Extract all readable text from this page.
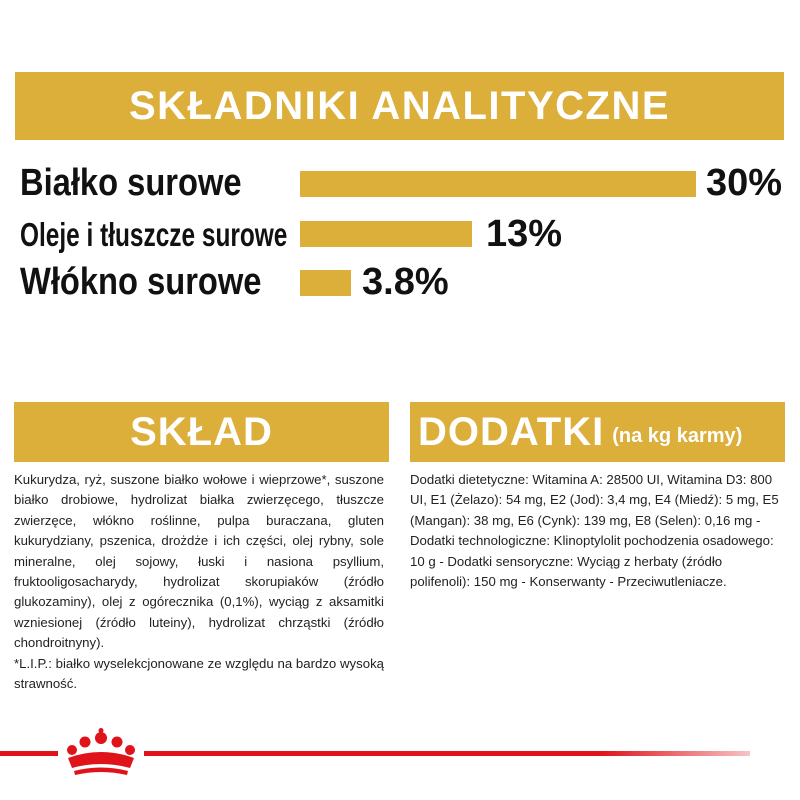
SKŁADNIKI ANALITYCZNE
Białko surowe	30%
Oleje i tłuszcze surowe	13%
Włókno surowe	3.8%
SKŁAD
Kukurydza, ryż, suszone białko wołowe i wieprzowe*, suszone białko drobiowe, hydrolizat białka zwierzęcego, tłuszcze zwierzęce, włókno roślinne, pulpa buraczana, gluten kukurydziany, pszenica, drożdże i ich części, olej rybny, sole mineralne, olej sojowy, łuski i nasiona psyllium, fruktooligosacharydy, hydrolizat skorupiaków (źródło glukozaminy), olej z ogórecznika (0,1%), wyciąg z aksamitki wzniesionej (źródło luteiny), hydrolizat chrząstki (źródło chondroitnyny).
*L.I.P.: białko wyselekcjonowane ze względu na bardzo wysoką strawność.
DODATKI (na kg karmy)
Dodatki dietetyczne: Witamina A: 28500 UI, Witamina D3: 800 UI, E1 (Żelazo): 54 mg, E2 (Jod): 3,4 mg, E4 (Miedź): 5 mg, E5 (Mangan): 38 mg, E6 (Cynk): 139 mg, E8 (Selen): 0,16 mg - Dodatki technologiczne: Klinoptylolit pochodzenia osadowego: 10 g - Dodatki sensoryczne: Wyciąg z herbaty (źródło polifenoli): 150 mg - Konserwanty - Przeciwutleniacze.
